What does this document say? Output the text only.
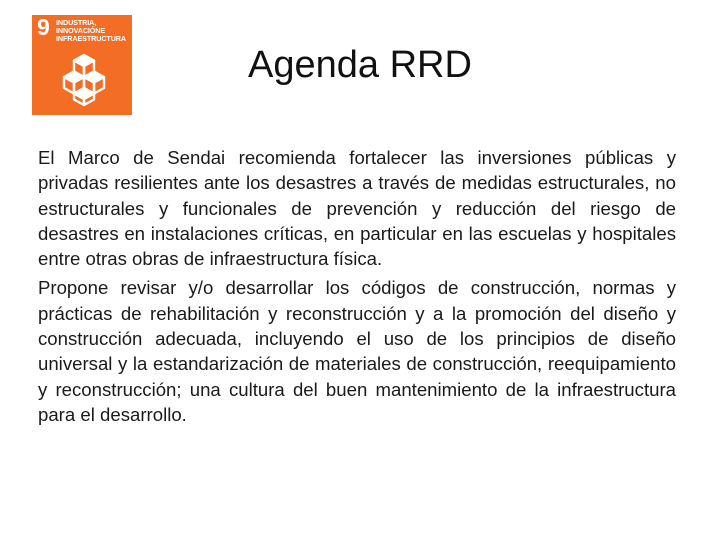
9 INDUSTRIA,
INNOVACIÓNE
INFRAESTRUCTURA
Agenda RRD

El Marco de Sendai recomienda fortalecer las inversiones públicas y privadas resilientes ante los desastres a través de medidas estructurales, no estructurales y funcionales de prevención y reducción del riesgo de desastres en instalaciones críticas, en particular en las escuelas y hospitales entre otras obras de infraestructura física.

Propone revisar y/o desarrollar los códigos de construcción, normas y prácticas de rehabilitación y reconstrucción y a la promoción del diseño y construcción adecuada, incluyendo el uso de los principios de diseño universal y la estandarización de materiales de construcción, reequipamiento y reconstrucción; una cultura del buen mantenimiento de la infraestructura para el desarrollo.
